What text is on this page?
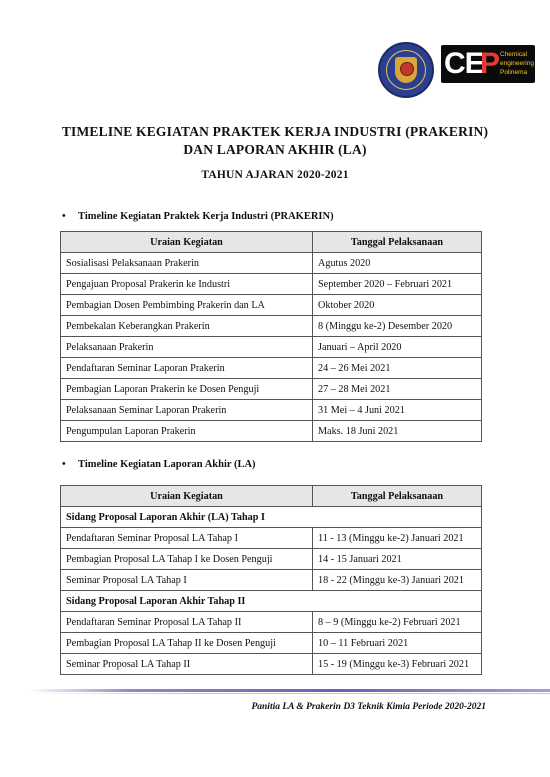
CE
P Chemical
engineering
Polinema
TIMELINE KEGIATAN PRAKTEK KERJA INDUSTRI (PRAKERIN)
DAN LAPORAN AKHIR (LA)
TAHUN AJARAN 2020-2021
• Timeline Kegiatan Praktek Kerja Industri (PRAKERIN)
Uraian Kegiatan	Tanggal Pelaksanaan
Sosialisasi Pelaksanaan Prakerin	Agutus 2020
Pengajuan Proposal Prakerin ke Industri	September 2020 – Februari 2021
Pembagian Dosen Pembimbing Prakerin dan LA	Oktober 2020
Pembekalan Keberangkan Prakerin	8 (Minggu ke-2) Desember 2020
Pelaksanaan Prakerin	Januari – April 2020
Pendaftaran Seminar Laporan Prakerin	24 – 26 Mei 2021
Pembagian Laporan Prakerin ke Dosen Penguji	27 – 28 Mei 2021
Pelaksanaan Seminar Laporan Prakerin	31 Mei – 4 Juni 2021
Pengumpulan Laporan Prakerin	Maks. 18 Juni 2021
• Timeline Kegiatan Laporan Akhir (LA)
Uraian Kegiatan	Tanggal Pelaksanaan
Sidang Proposal Laporan Akhir (LA) Tahap I	
Pendaftaran Seminar Proposal LA Tahap I	11 - 13 (Minggu ke-2) Januari 2021
Pembagian Proposal LA Tahap I ke Dosen Penguji	14 - 15 Januari 2021
Seminar Proposal LA Tahap I	18 - 22 (Minggu ke-3) Januari 2021
Sidang Proposal Laporan Akhir Tahap II	
Pendaftaran Seminar Proposal LA Tahap II	8 – 9 (Minggu ke-2) Februari 2021
Pembagian Proposal LA Tahap II ke Dosen Penguji	10 – 11 Februari 2021
Seminar Proposal LA Tahap II	15 - 19 (Minggu ke-3) Februari 2021
Panitia LA & Prakerin D3 Teknik Kimia Periode 2020-2021
